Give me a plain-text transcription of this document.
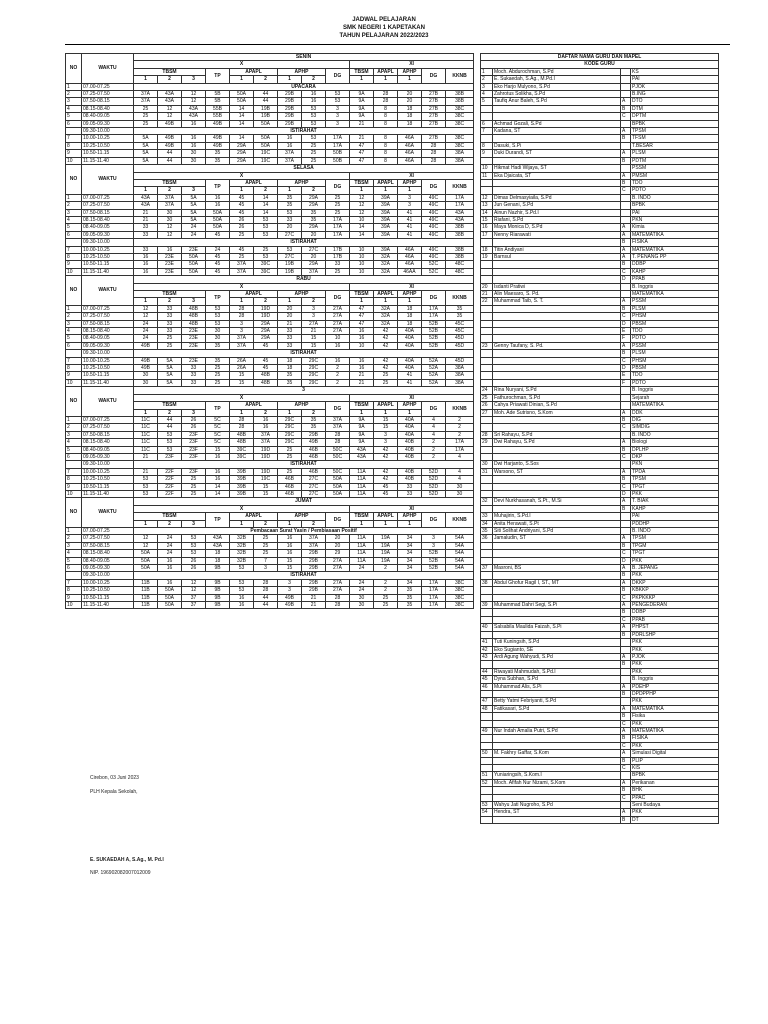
JADWAL PELAJARAN
SMK NEGERI 1 KAPETAKAN
TAHUN PELAJARAN 2022/2023
NO	WAKTU	SENIN													
		X									XI				
		TBSM			TP	APAPL		APHP		DG	TBSM	APAPL	APHP	DG	KKNB
		1	2	3		1	2	1	2		1	1	1		
1	07.00-07.25	UPACARA													
2	07.25-07.50	37A	43A	12	5B	50A	44	29B	16	53	9A	28	20	27B	38B
3	07.50-08.15	37A	43A	12	5B	50A	44	29B	16	53	9A	28	20	27B	38B
4	08.15-08.40	25	12	43A	55B	14	19B	29B	53	3	9A	8	18	27B	38C
5	08.40-09.05	25	12	43A	55B	14	19B	29B	53	3	9A	8	18	27B	38C
6	09.05-09.30	25	49B	16	49B	14	50A	29B	53	3	21	8	18	27B	38C
	09.30-10.00	ISTIRAHAT													
7	10.00-10.25	5A	49B	16	49B	14	50A	16	53	17A	21	8	46A	27B	38C
8	10.25-10.50	5A	49B	16	49B	29A	50A	16	25	17A	47	8	46A	28	38C
9	10.50-11.15	5A	44	30	35	29A	19C	37A	25	50B	47	8	46A	28	38A
10	11.15-11.40	5A	44	30	35	29A	19C	37A	25	50B	47	8	46A	28	38A
NO	WAKTU	SELASA													
		X									XI				
		TBSM			TP	APAPL		APHP		DG	TBSM	APAPL	APHP	DG	KKNB
		1	2	3		1	2	1	2		1	1	1		
1	07.00-07.25	43A	37A	5A	16	45	14	35	29A	25	12	39A	3	49C	17A
2	07.25-07.50	43A	37A	5A	16	45	14	35	29A	25	12	39A	3	49C	17A
3	07.50-08.15	21	30	5A	50A	45	14	53	35	25	12	39A	41	49C	43A
4	08.15-08.40	21	30	5A	50A	26	53	33	35	17A	10	39A	41	49C	43A
5	08.40-09.05	33	12	24	50A	26	53	20	29A	17A	14	39A	41	49C	38B
6	09.05-09.30	33	12	24	45	25	53	27C	20	17A	14	39A	41	49C	38B
	09.30-10.00	ISTIRAHAT													
7	10.00-10.25	33	16	23E	24	45	25	53	27C	17B	10	39A	46A	49C	38B
8	10.25-10.50	16	23E	50A	45	25	53	27C	20	17B	10	32A	46A	49C	38B
9	10.50-11.15	16	23E	50A	45	37A	39C	19B	29A	33	10	32A	46A	52C	48C
10	11.15-11.40	16	23E	50A	45	37A	39C	19B	37A	25	10	32A	46AA	52C	48C
NO	WAKTU	RABU													
		X									XI				
		TBSM			TP	APAPL		APHP		DG	TBSM	APAPL	APHP	DG	KKNB
		1	2	3		1	2	1	2		1	1	1		
1	07.00-07.25	12	33	48B	53	28	19D	20	3	27A	47	32A	18	17A	35
2	07.25-07.50	12	33	48B	53	28	19D	20	3	27A	47	32A	18	17A	35
3	07.50-08.15	24	33	48B	53	3	29A	21	27A	27A	47	32A	18	52B	45C
4	08.15-08.40	24	33	23E	30	3	29A	33	21	27A	16	42	40A	52B	45C
5	08.40-09.05	24	25	23E	30	37A	29A	33	15	10	16	42	40A	52B	45D
6	09.05-09.30	49B	25	23E	35	37A	45	33	15	16	10	42	40A	52B	45D
	09.30-10.00	ISTIRAHAT													
7	10.00-10.25	49B	5A	23E	35	26A	45	18	29C	16	16	42	40A	52A	45D
8	10.25-10.50	49B	5A	33	25	26A	45	18	29C	2	16	42	40A	52A	38A
9	10.50-11.15	30	5A	33	25	15	48B	35	29C	2	21	25	41	52A	38A
10	11.15-11.40	30	5A	33	25	15	48B	35	29C	2	21	25	41	52A	38A
NO	WAKTU	3													
		X									XI				
		TBSM			TP	APAPL		APHP		DG	TBSM	APAPL	APHP	DG	KKNB
		1	2	3		1	2	1	2		1	1	1		
1	07.00-07.25	11C	44	26	5C	28	16	29C	35	37A	9A	15	40A	4	2
2	07.25-07.50	11C	44	26	5C	28	16	29C	35	37A	9A	15	40A	4	2
3	07.50-08.15	11C	53	23F	5C	48B	37A	29C	29B	28	9A	3	40A	4	2
4	08.15-08.40	11C	53	23F	5C	48B	37A	29C	49B	28	9A	3	40B	2	17A
5	08.40-09.05	11C	53	23F	15	39C	19D	25	46B	50C	43A	42	40B	2	17A
6	09.05-09.30	21	23F	23F	16	39C	19D	25	46B	50C	43A	42	40B	2	4
	09.30-10.00	ISTIRAHAT													
7	10.00-10.25	21	22F	23F	16	39B	19D	25	46B	50C	11A	42	40B	52D	4
8	10.25-10.50	53	22F	25	16	39B	19C	46B	27C	50A	11A	42	40B	52D	4
9	10.50-11.15	53	22F	25	14	39B	15	46B	27C	50A	11A	45	33	52D	30
10	11.15-11.40	53	22F	25	14	39B	15	46B	27C	50A	11A	45	33	52D	30
NO	WAKTU	JUMAT													
		X									XI				
		TBSM			TP	APAPL		APHP		DG	TBSM	APAPL	APHP	DG	KKNB
		1	2	3		1	2	1	2		1	1	1		
1	07.00-07.25	Pembacaan Surat Yasin / Pembiasaan Positif													
2	07.25-07.50	12	24	53	43A	32B	25	16	37A	20	11A	19A	34	3	54A
3	07.50-08.15	12	24	53	43A	32B	25	16	37A	20	11A	19A	34	3	54A
4	08.15-08.40	50A	24	53	18	32B	25	16	29B	29	11A	19A	34	52B	54A
5	08.40-09.05	50A	16	26	18	32B	7	15	29B	27A	11A	19A	34	52B	54A
6	09.05-09.30	50A	16	26	9B	53	3	15	29B	27A	24	2	34	52B	54A
	09.30-10.00	ISTIRAHAT													
7	10.00-10.25	11B	16	12	9B	53	28	3	29B	27A	24	2	34	17A	38C
8	10.25-10.50	11B	50A	12	9B	53	28	3	29B	27A	24	2	35	17A	38C
9	10.50-11.15	11B	50A	37	9B	16	44	49B	21	28	30	25	35	17A	38C
10	11.15-11.40	11B	50A	37	9B	16	44	49B	21	28	30	25	35	17A	38C
DAFTAR NAMA GURU DAN MAPEL			
KODE GURU			
1	Moch. Abdurochman, S.Pd		KS
2	E. Sukaedah, S.Ag., M.Pd.I		PAI
3	Eko Harjo Mulyono, S.Pd		PJOK
4	Zahrotus Solikha, S.Pd		B.ING
5	Taufiq Anur Baleh, S.Pd	A	DTO
		B	DTM
		C	DPTM
6	Achmad Gozali, S.Pd		BPBK
7	Kadana, ST	A	TPSM
		B	TFSM
8	Dasuki, S.Pi		T.BESAR
9	Duki Durandi, ST	A	PLSM
		B	PDTM
10	Hikmat Hadi Wijaya, ST		PSSM
11	Eka Djaicata, ST	A	PMSM
		B	TDO
		C	PDTO
12	Dimas Delmasyiaila, S.Pd		B. INDO
13	Jun Genani, S.Pd		BPBK
14	Ainun Nazhir, S.Pd.I		PAI
15	Riafani, S.Pd		PKN
16	Maya Monica D, S.Pd	A	Kimia
17	Nenny Riarawati	A	MATEMATIKA
		B	FISIKA
18	Titin Andiyani	A	MATEMATIKA
19	Barnsul	A	T. PENANG PP
		B	DDBP
		C	KAHP
		D	PPAB
20	Isdanti Pratiwi		B. Inggris
21	Alin Maesaro, S. Pd.		MATEMATIKA
22	Muhammad Taib, S. T.	A	PSSM
		B	PLSM
		C	PHSM
		D	PBSM
		E	TDO
		F	PDTO
23	Genny Taufany, S. Pd.	A	PSSM
		B	PLSM
		C	PHSM
		D	PBSM
		E	TDO
		F	PDTO
24	Rina Nuryani, S.Pd		B. Inggris
25	Fathurochman, S.Pd		Sejarah
26	Cahya Priawati Dinian, S.Pd		MATEMATIKA
27	Moh. Ade Sutrisno, S.Kom	A	DDK
		B	DIG
		C	SIMDIG
28	Sri Rahayu, S.Pd		B. INDO
29	Dwi Rahayu, S.Pd	A	Biologi
		B	DPLHP
		C	DKP
30	Dwi Harjanto, S.Sos		PKN
31	Warsono, ST	A	TPDA
		B	TPSM
		C	TPGT
		D	PKK
32	Devi Nurkhasanah, S.Pt., M.Si	A	T. BIAK
		B	KAHP
33	Muhajirin, S.Pd.I		PAI
34	Anita Herawati, S.Pt		PDDHP
35	Siti Solihat Andriyani, S.Pd		B. INDO
36	Jamaludin, ST	A	TPSM
		B	TPGM
		C	TPGT
		D	PKK
37	Masroni, BS	A	B. JEPANG
		B	PKK
38	Abdul Ghofur Ragil I, ST., MT	A	DKKP
		B	KBKKP
		C	PKPKKKP
39	Muhammad Dahri Segi, S.Pi	A	PENGEDERAN
		B	DDBP
		C	PPAB
40	Salsabila Maulida Faizah, S.Pi	A	PHPST
		B	PDRLSHP
41	Tuti Kuningsih, S.Pd		PKK
42	Eko Sugianto, SE		PKK
43	Ardi Agung Wahyudi, S.Pd	A	PJOK
		B	PKK
44	Riwayati Mahmudah, S.Pd.I		PKK
45	Dyna Subhan, S.Pd		B. Inggris
46	Muhammad Alis, S.Pi	A	PDEHP
		B	DPDPPHP
47	Betty Yatmi Febriyanti, S.Pd		PKK
48	Fatikasari, S.Pd	A	MATEMATIKA
		B	Fisika
		C	PKK
49	Nur Indah Amalia Putri, S.Pd	A	MATEMATIKA
		B	FISIKA
		C	PKK
50	M. Fakhry Gaffar, S.Kom	A	Simulasi Digital
		B	PLIP
		C	KIS
51	Yuniaringsih, S.Kom.I		BPBK
52	Moch. Afifah Nur Nizami, S.Kom	A	Perikanan
		B	BHK
		C	PPAC
53	Wahyu Jati Nugroho, S.Pd		Seni Budaya
54	Hendra, ST	A	PKK
		B	DT
Cirebon, 03 Juni 2023
PLH Kepala Sekolah,
E. SUKAEDAH A, S.Ag., M. Pd.I
NIP. 196902082007012009
